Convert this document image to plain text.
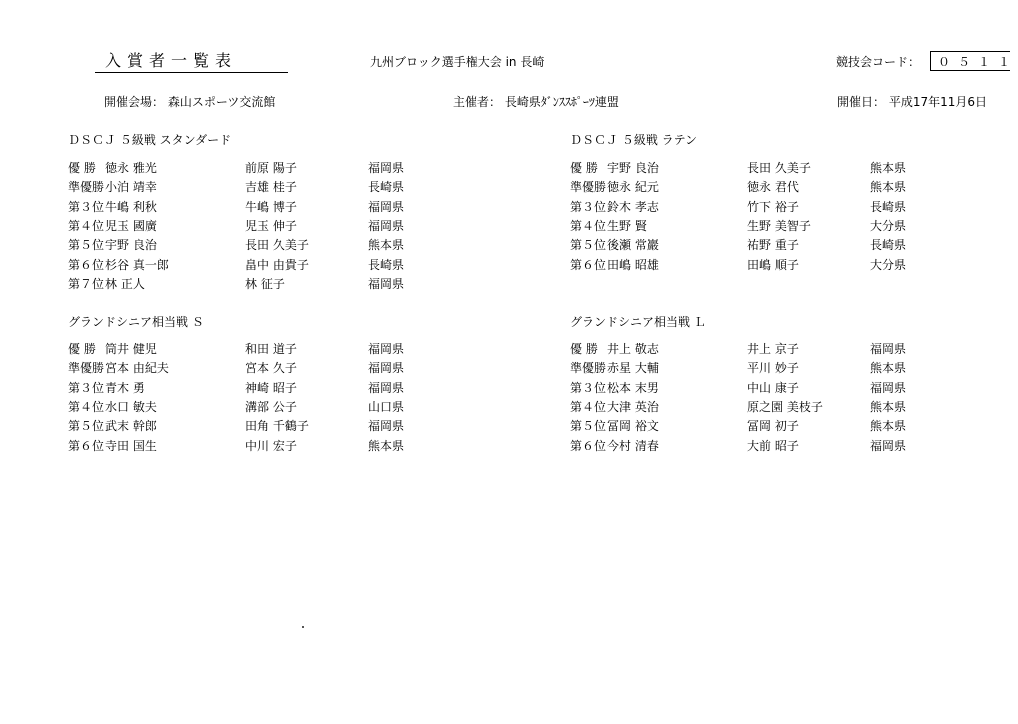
入賞者一覧表	九州ブロック選手権大会 in 長崎	競技会コード： ０５１１
開催会場： 森山スポーツ交流館	主催者： 長崎県ﾀﾞﾝｽｽﾎﾟｰﾂ連盟	開催日： 平成17年11月6日
ＤＳＣＪ ５級戦 スタンダード
優 勝 徳永 雅光	前原 陽子	福岡県
準優勝 小泊 靖幸	吉雄 桂子	長崎県
第３位 牛嶋 利秋	牛嶋 博子	福岡県
第４位 児玉 國廣	児玉 伸子	福岡県
第５位 宇野 良治	長田 久美子	熊本県
第６位 杉谷 真一郎	畠中 由貴子	長崎県
第７位 林 正人	林 征子	福岡県
ＤＳＣＪ ５級戦 ラテン
優 勝 宇野 良治	長田 久美子	熊本県
準優勝 徳永 紀元	徳永 君代	熊本県
第３位 鈴木 孝志	竹下 裕子	長崎県
第４位 生野 賢	生野 美智子	大分県
第５位 後瀬 常巖	祐野 重子	長崎県
第６位 田嶋 昭雄	田嶋 順子	大分県
グランドシニア相当戦 Ｓ
優 勝 筒井 健児	和田 道子	福岡県
準優勝 宮本 由紀夫	宮本 久子	福岡県
第３位 青木 勇	神崎 昭子	福岡県
第４位 水口 敏夫	溝部 公子	山口県
第５位 武末 幹郎	田角 千鶴子	福岡県
第６位 寺田 国生	中川 宏子	熊本県
グランドシニア相当戦 Ｌ
優 勝 井上 敬志	井上 京子	福岡県
準優勝 赤星 大輔	平川 妙子	熊本県
第３位 松本 末男	中山 康子	福岡県
第４位 大津 英治	原之園 美枝子	熊本県
第５位 冨岡 裕文	冨岡 初子	熊本県
第６位 今村 清春	大前 昭子	福岡県
